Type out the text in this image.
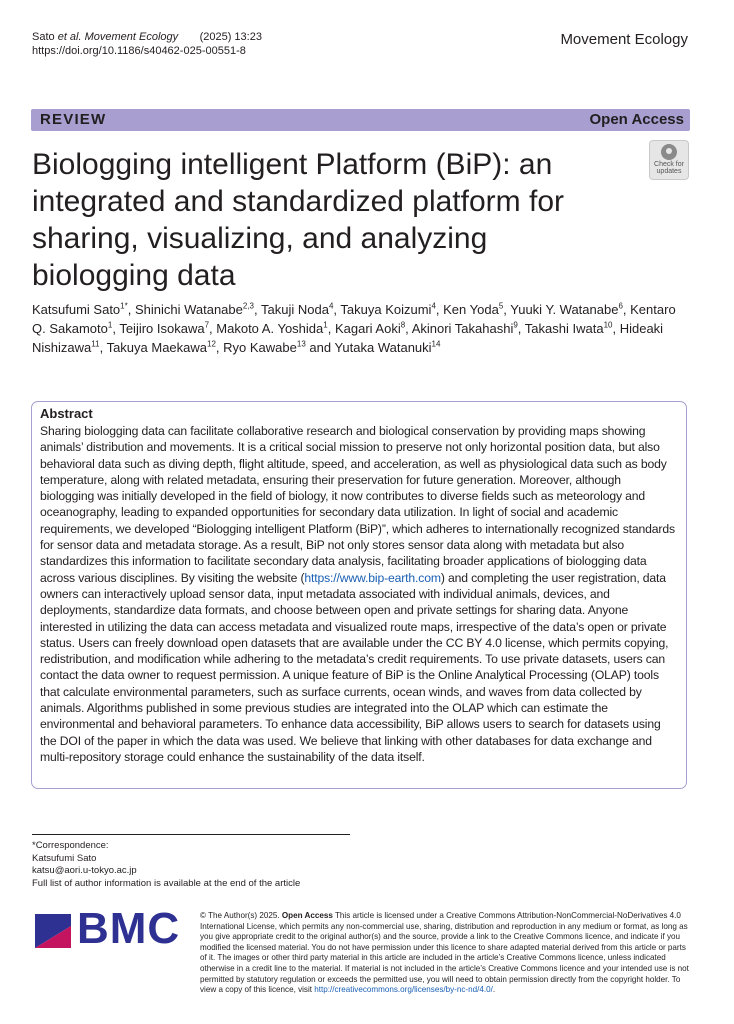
Sato et al. Movement Ecology (2025) 13:23
https://doi.org/10.1186/s40462-025-00551-8
Movement Ecology
REVIEW	Open Access
Biologging intelligent Platform (BiP): an integrated and standardized platform for sharing, visualizing, and analyzing biologging data
Check for
updates
Katsufumi Sato$^{1*}$, Shinichi Watanabe$^{2,3}$, Takuji Noda$^4$, Takuya Koizumi$^4$, Ken Yoda$^5$, Yuuki Y. Watanabe$^6$, Kentaro Q. Sakamoto$^1$, Teijiro Isokawa$^7$, Makoto A. Yoshida$^1$, Kagari Aoki$^8$, Akinori Takahashi$^9$, Takashi Iwata$^{10}$, Hideaki Nishizawa$^{11}$, Takuya Maekawa$^{12}$, Ryo Kawabe$^{13}$ and Yutaka Watanuki$^{14}$
Abstract

Sharing biologging data can facilitate collaborative research and biological conservation by providing maps showing animals’ distribution and movements. It is a critical social mission to preserve not only horizontal position data, but also behavioral data such as diving depth, flight altitude, speed, and acceleration, as well as physiological data such as body temperature, along with related metadata, ensuring their preservation for future generation. Moreover, although biologging was initially developed in the field of biology, it now contributes to diverse fields such as meteorology and oceanography, leading to expanded opportunities for secondary data utilization. In light of social and academic requirements, we developed “Biologging intelligent Platform (BiP)”, which adheres to internationally recognized standards for sensor data and metadata storage. As a result, BiP not only stores sensor data along with metadata but also standardizes this information to facilitate secondary data analysis, facilitating broader applications of biologging data across various disciplines. By visiting the website (https://www.bip-earth.com) and completing the user registration, data owners can interactively upload sensor data, input metadata associated with individual animals, devices, and deployments, standardize data formats, and choose between open and private settings for sharing data. Anyone interested in utilizing the data can access metadata and visualized route maps, irrespective of the data’s open or private status. Users can freely download open datasets that are available under the CC BY 4.0 license, which permits copying, redistribution, and modification while adhering to the metadata’s credit requirements. To use private datasets, users can contact the data owner to request permission. A unique feature of BiP is the Online Analytical Processing (OLAP) tools that calculate environmental parameters, such as surface currents, ocean winds, and waves from data collected by animals. Algorithms published in some previous studies are integrated into the OLAP which can estimate the environmental and behavioral parameters. To enhance data accessibility, BiP allows users to search for datasets using the DOI of the paper in which the data was used. We believe that linking with other databases for data exchange and multi-repository storage could enhance the sustainability of the data itself.

*Correspondence:
Katsufumi Sato
katsu@aori.u-tokyo.ac.jp
Full list of author information is available at the end of the article
BMC © The Author(s) 2025. Open Access This article is licensed under a Creative Commons Attribution-NonCommercial-NoDerivatives 4.0 International License, which permits any non-commercial use, sharing, distribution and reproduction in any medium or format, as long as you give appropriate credit to the original author(s) and the source, provide a link to the Creative Commons licence, and indicate if you modified the licensed material. You do not have permission under this licence to share adapted material derived from this article or parts of it. The images or other third party material in this article are included in the article’s Creative Commons licence, unless indicated otherwise in a credit line to the material. If material is not included in the article’s Creative Commons licence and your intended use is not permitted by statutory regulation or exceeds the permitted use, you will need to obtain permission directly from the copyright holder. To view a copy of this licence, visit http://creativecommons.org/licenses/by-nc-nd/4.0/.
